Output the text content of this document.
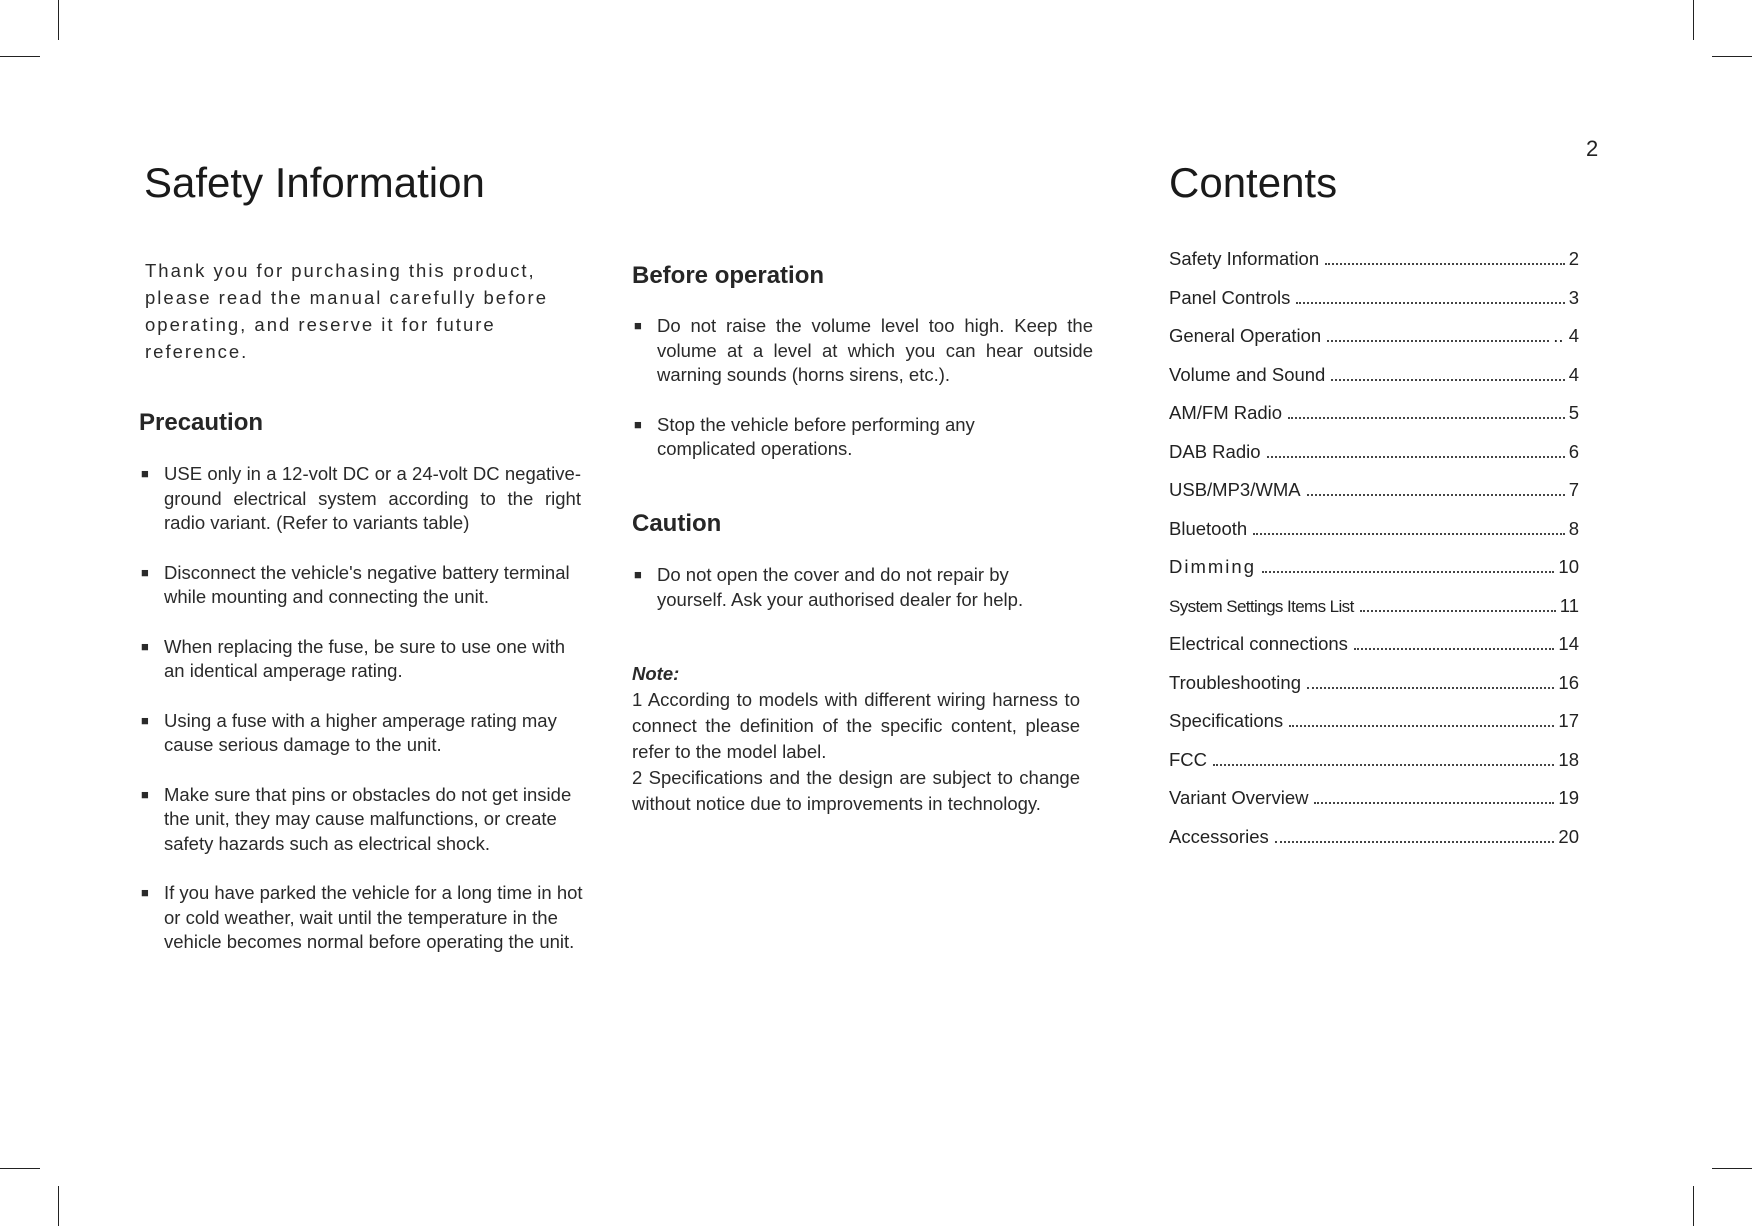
2
Safety Information

Thank you for purchasing this product, please read the manual carefully before operating, and reserve it for future reference.

Precaution
■ USE only in a 12-volt DC or a 24-volt DC negative- ground electrical system according to the right radio variant. (Refer to variants table)
■ Disconnect the vehicle's negative battery terminal while mounting and connecting the unit.
■ When replacing the fuse, be sure to use one with an identical amperage rating.
■ Using a fuse with a higher amperage rating may cause serious damage to the unit.
■ Make sure that pins or obstacles do not get inside the unit, they may cause malfunctions, or create safety hazards such as electrical shock.
■ If you have parked the vehicle for a long time in hot or cold weather, wait until the temperature in the vehicle becomes normal before operating the unit.
Before operation
■ Do not raise the volume level too high. Keep the volume at a level at which you can hear outside warning sounds (horns sirens, etc.).
■ Stop the vehicle before performing any complicated operations.
Caution
■ Do not open the cover and do not repair by yourself. Ask your authorised dealer for help.
Note:
1 According to models with different wiring harness to connect the definition of the specific content, please refer to the model label.
2 Specifications and the design are subject to change without notice due to improvements in technology.
Contents
Safety Information	2
Panel Controls	3
General Operation	.. 4
Volume and Sound	4
AM/FM Radio	5
DAB Radio	6
USB/MP3/WMA	7
Bluetooth	8
Dimming	10
System Settings Items List	11
Electrical connections	14
Troubleshooting	16
Specifications	17
FCC	18
Variant Overview	19
Accessories	20
